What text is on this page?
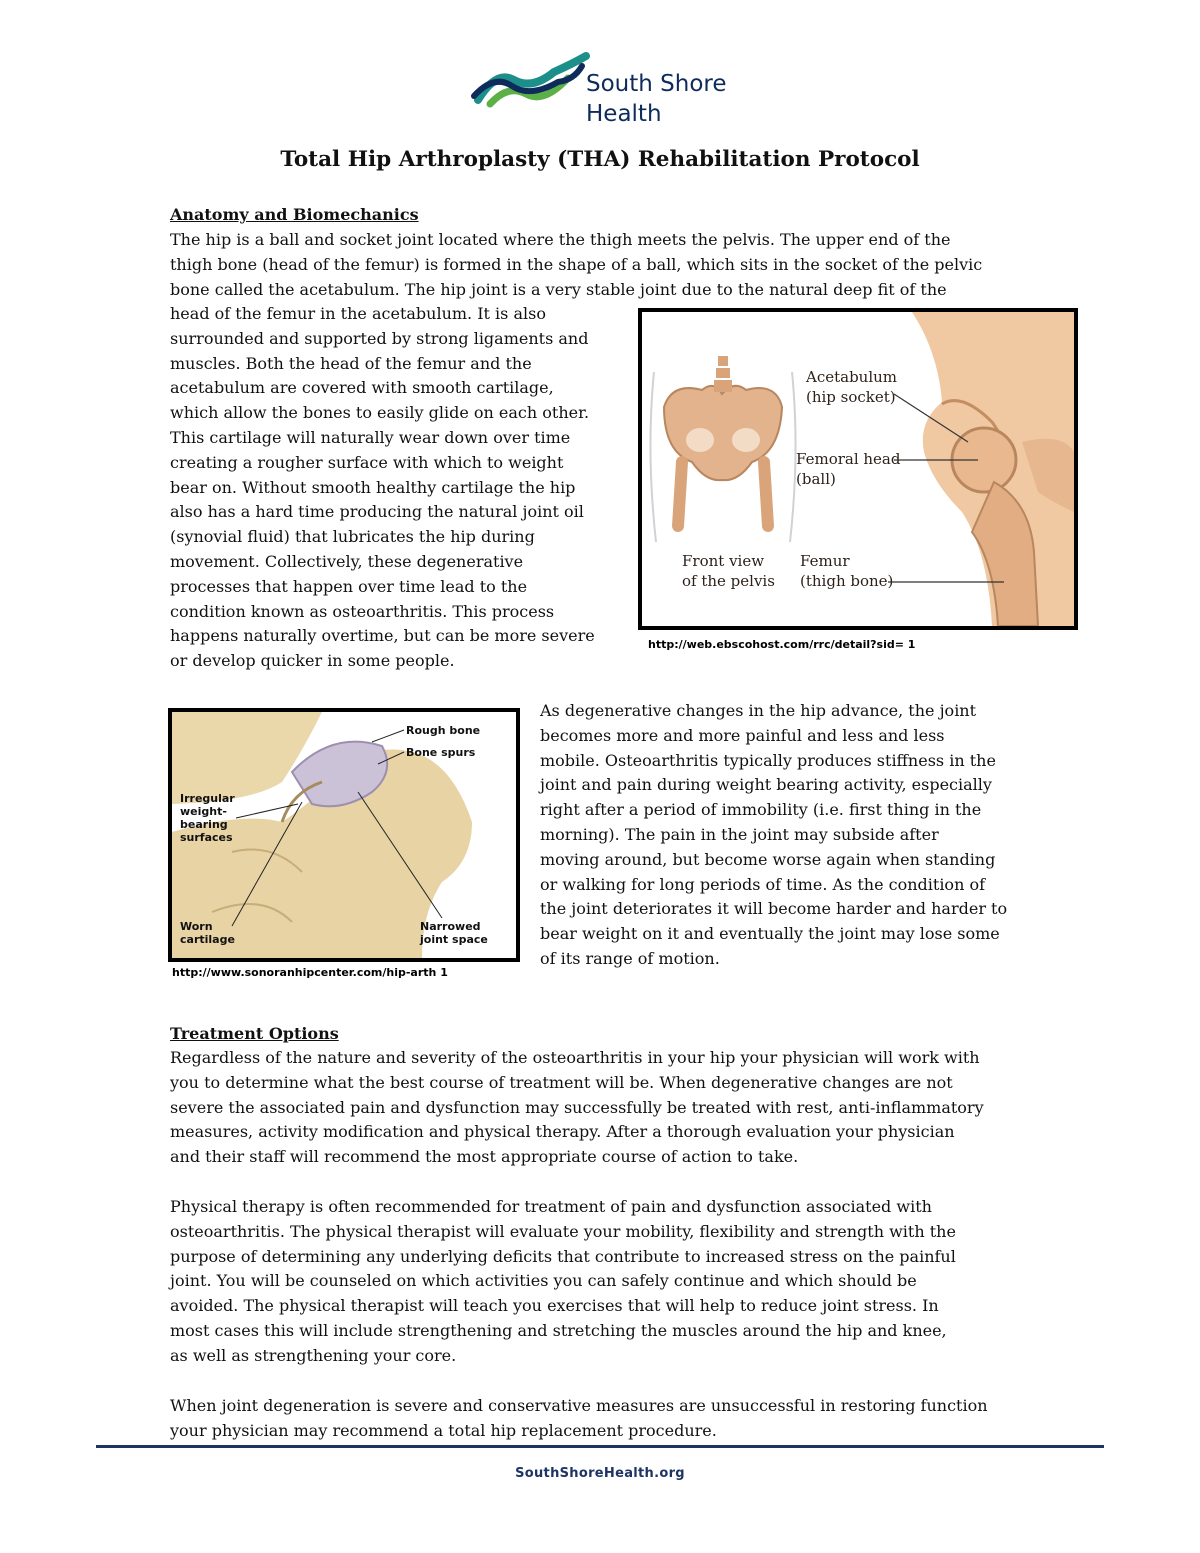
South Shore
Health
Total Hip Arthroplasty (THA) Rehabilitation Protocol
Anatomy and Biomechanics

The hip is a ball and socket joint located where the thigh meets the pelvis. The upper end of the

thigh bone (head of the femur) is formed in the shape of a ball, which sits in the socket of the pelvic

bone called the acetabulum. The hip joint is a very stable joint due to the natural deep fit of the

head of the femur in the acetabulum. It is also

surrounded and supported by strong ligaments and

muscles. Both the head of the femur and the

acetabulum are covered with smooth cartilage,

which allow the bones to easily glide on each other.

This cartilage will naturally wear down over time

creating a rougher surface with which to weight

bear on. Without smooth healthy cartilage the hip

also has a hard time producing the natural joint oil

(synovial fluid) that lubricates the hip during

movement. Collectively, these degenerative

processes that happen over time lead to the

condition known as osteoarthritis. This process

happens naturally overtime, but can be more severe

or develop quicker in some people.

Acetabulum
(hip socket)
Femoral head
(ball)
Front view
of the pelvis
Femur
(thigh bone)
http://web.ebscohost.com/rrc/detail?sid= 1
Rough bone
Bone spurs
Irregular
weight-
bearing
surfaces
Worn
cartilage
Narrowed
joint space
http://www.sonoranhipcenter.com/hip-arth 1

As degenerative changes in the hip advance, the joint

becomes more and more painful and less and less

mobile. Osteoarthritis typically produces stiffness in the

joint and pain during weight bearing activity, especially

right after a period of immobility (i.e. first thing in the

morning). The pain in the joint may subside after

moving around, but become worse again when standing

or walking for long periods of time. As the condition of

the joint deteriorates it will become harder and harder to

bear weight on it and eventually the joint may lose some

of its range of motion.

Treatment Options

Regardless of the nature and severity of the osteoarthritis in your hip your physician will work with

you to determine what the best course of treatment will be. When degenerative changes are not

severe the associated pain and dysfunction may successfully be treated with rest, anti-inflammatory

measures, activity modification and physical therapy. After a thorough evaluation your physician

and their staff will recommend the most appropriate course of action to take.

Physical therapy is often recommended for treatment of pain and dysfunction associated with

osteoarthritis. The physical therapist will evaluate your mobility, flexibility and strength with the

purpose of determining any underlying deficits that contribute to increased stress on the painful

joint. You will be counseled on which activities you can safely continue and which should be

avoided. The physical therapist will teach you exercises that will help to reduce joint stress. In

most cases this will include strengthening and stretching the muscles around the hip and knee,

as well as strengthening your core.

When joint degeneration is severe and conservative measures are unsuccessful in restoring function

your physician may recommend a total hip replacement procedure.

SouthShoreHealth.org
